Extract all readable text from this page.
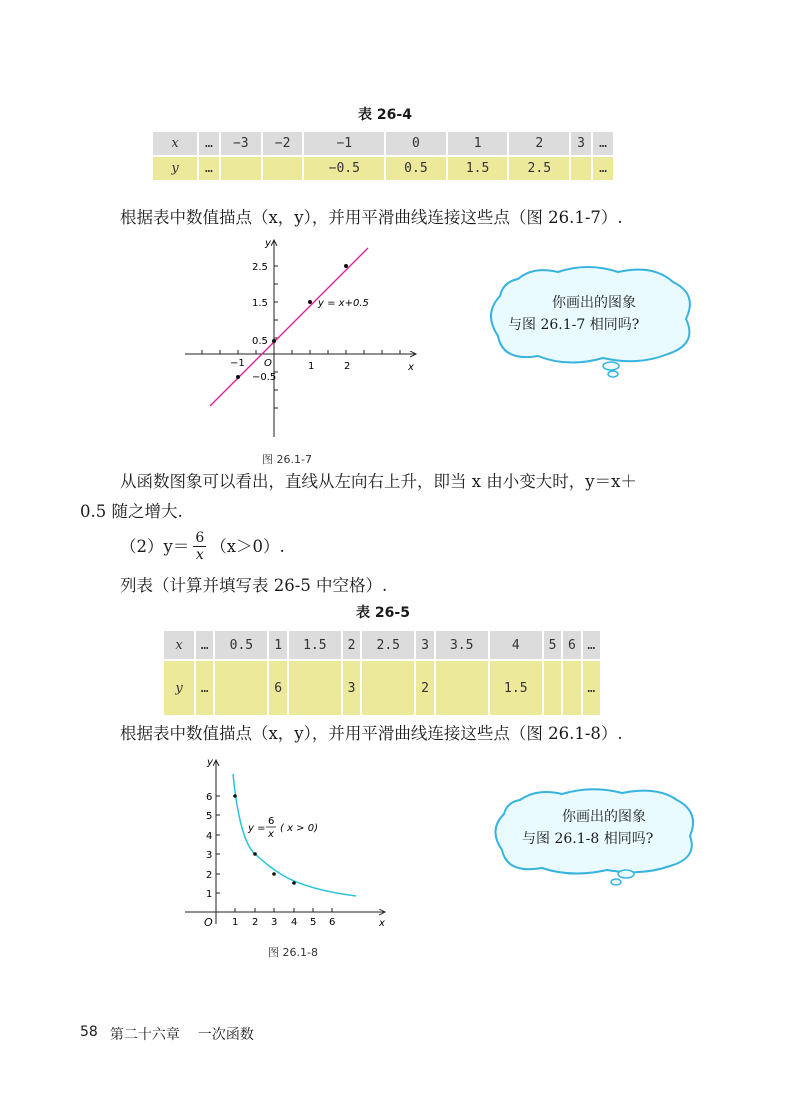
表 26-4
x	…	−3	−2	−1	0	1	2	3	…
y	…			−0.5	0.5	1.5	2.5		…
根据表中数值描点（x，y），并用平滑曲线连接这些点（图 26.1-7）.
y
x
O
−1	1	2
2.5
1.5
0.5
−0.5
y = x+0.5
图 26.1-7
你画出的图象
与图 26.1-7 相同吗?
从函数图象可以看出，直线从左向右上升，即当 x 由小变大时，y＝x＋
0.5 随之增大.
$(2)y= \frac{6}{x} (x>0)$.
列表（计算并填写表 26-5 中空格）.
表 26-5
x	…	0.5	1	1.5	2	2.5	3	3.5	4	5	6	…
y	…		6		3		2		1.5			…
根据表中数值描点（x，y），并用平滑曲线连接这些点（图 26.1-8）.
y
x
O 1 2 3 4 5 6
1
2
3
4
5
6
y =
6
x
( x > 0)
图 26.1-8
你画出的图象
与图 26.1-8 相同吗?
58 第二十六章 一次函数
